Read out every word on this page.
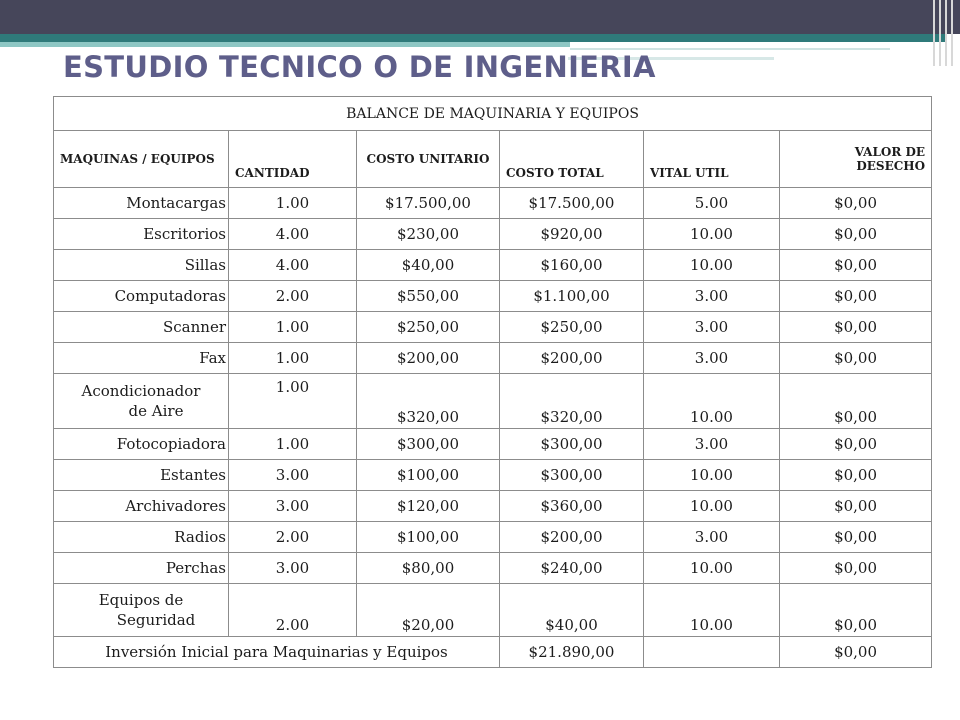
ESTUDIO TECNICO O DE INGENIERIA
BALANCE DE MAQUINARIA Y EQUIPOS					
MAQUINAS / EQUIPOS	CANTIDAD	COSTO UNITARIO	COSTO TOTAL	VITAL UTIL	VALOR DE DESECHO
Montacargas	1.00	$17.500,00	$17.500,00	5.00	$0,00
Escritorios	4.00	$230,00	$920,00	10.00	$0,00
Sillas	4.00	$40,00	$160,00	10.00	$0,00
Computadoras	2.00	$550,00	$1.100,00	3.00	$0,00
Scanner	1.00	$250,00	$250,00	3.00	$0,00
Fax	1.00	$200,00	$200,00	3.00	$0,00

Acondicionador
de Aire	1.00	$320,00	$320,00	10.00	$0,00
Fotocopiadora	1.00	$300,00	$300,00	3.00	$0,00
Estantes	3.00	$100,00	$300,00	10.00	$0,00
Archivadores	3.00	$120,00	$360,00	10.00	$0,00
Radios	2.00	$100,00	$200,00	3.00	$0,00
Perchas	3.00	$80,00	$240,00	10.00	$0,00

Equipos de
Seguridad	2.00	$20,00	$40,00	10.00	$0,00
Inversión Inicial para Maquinarias y Equipos			$21.890,00		$0,00
